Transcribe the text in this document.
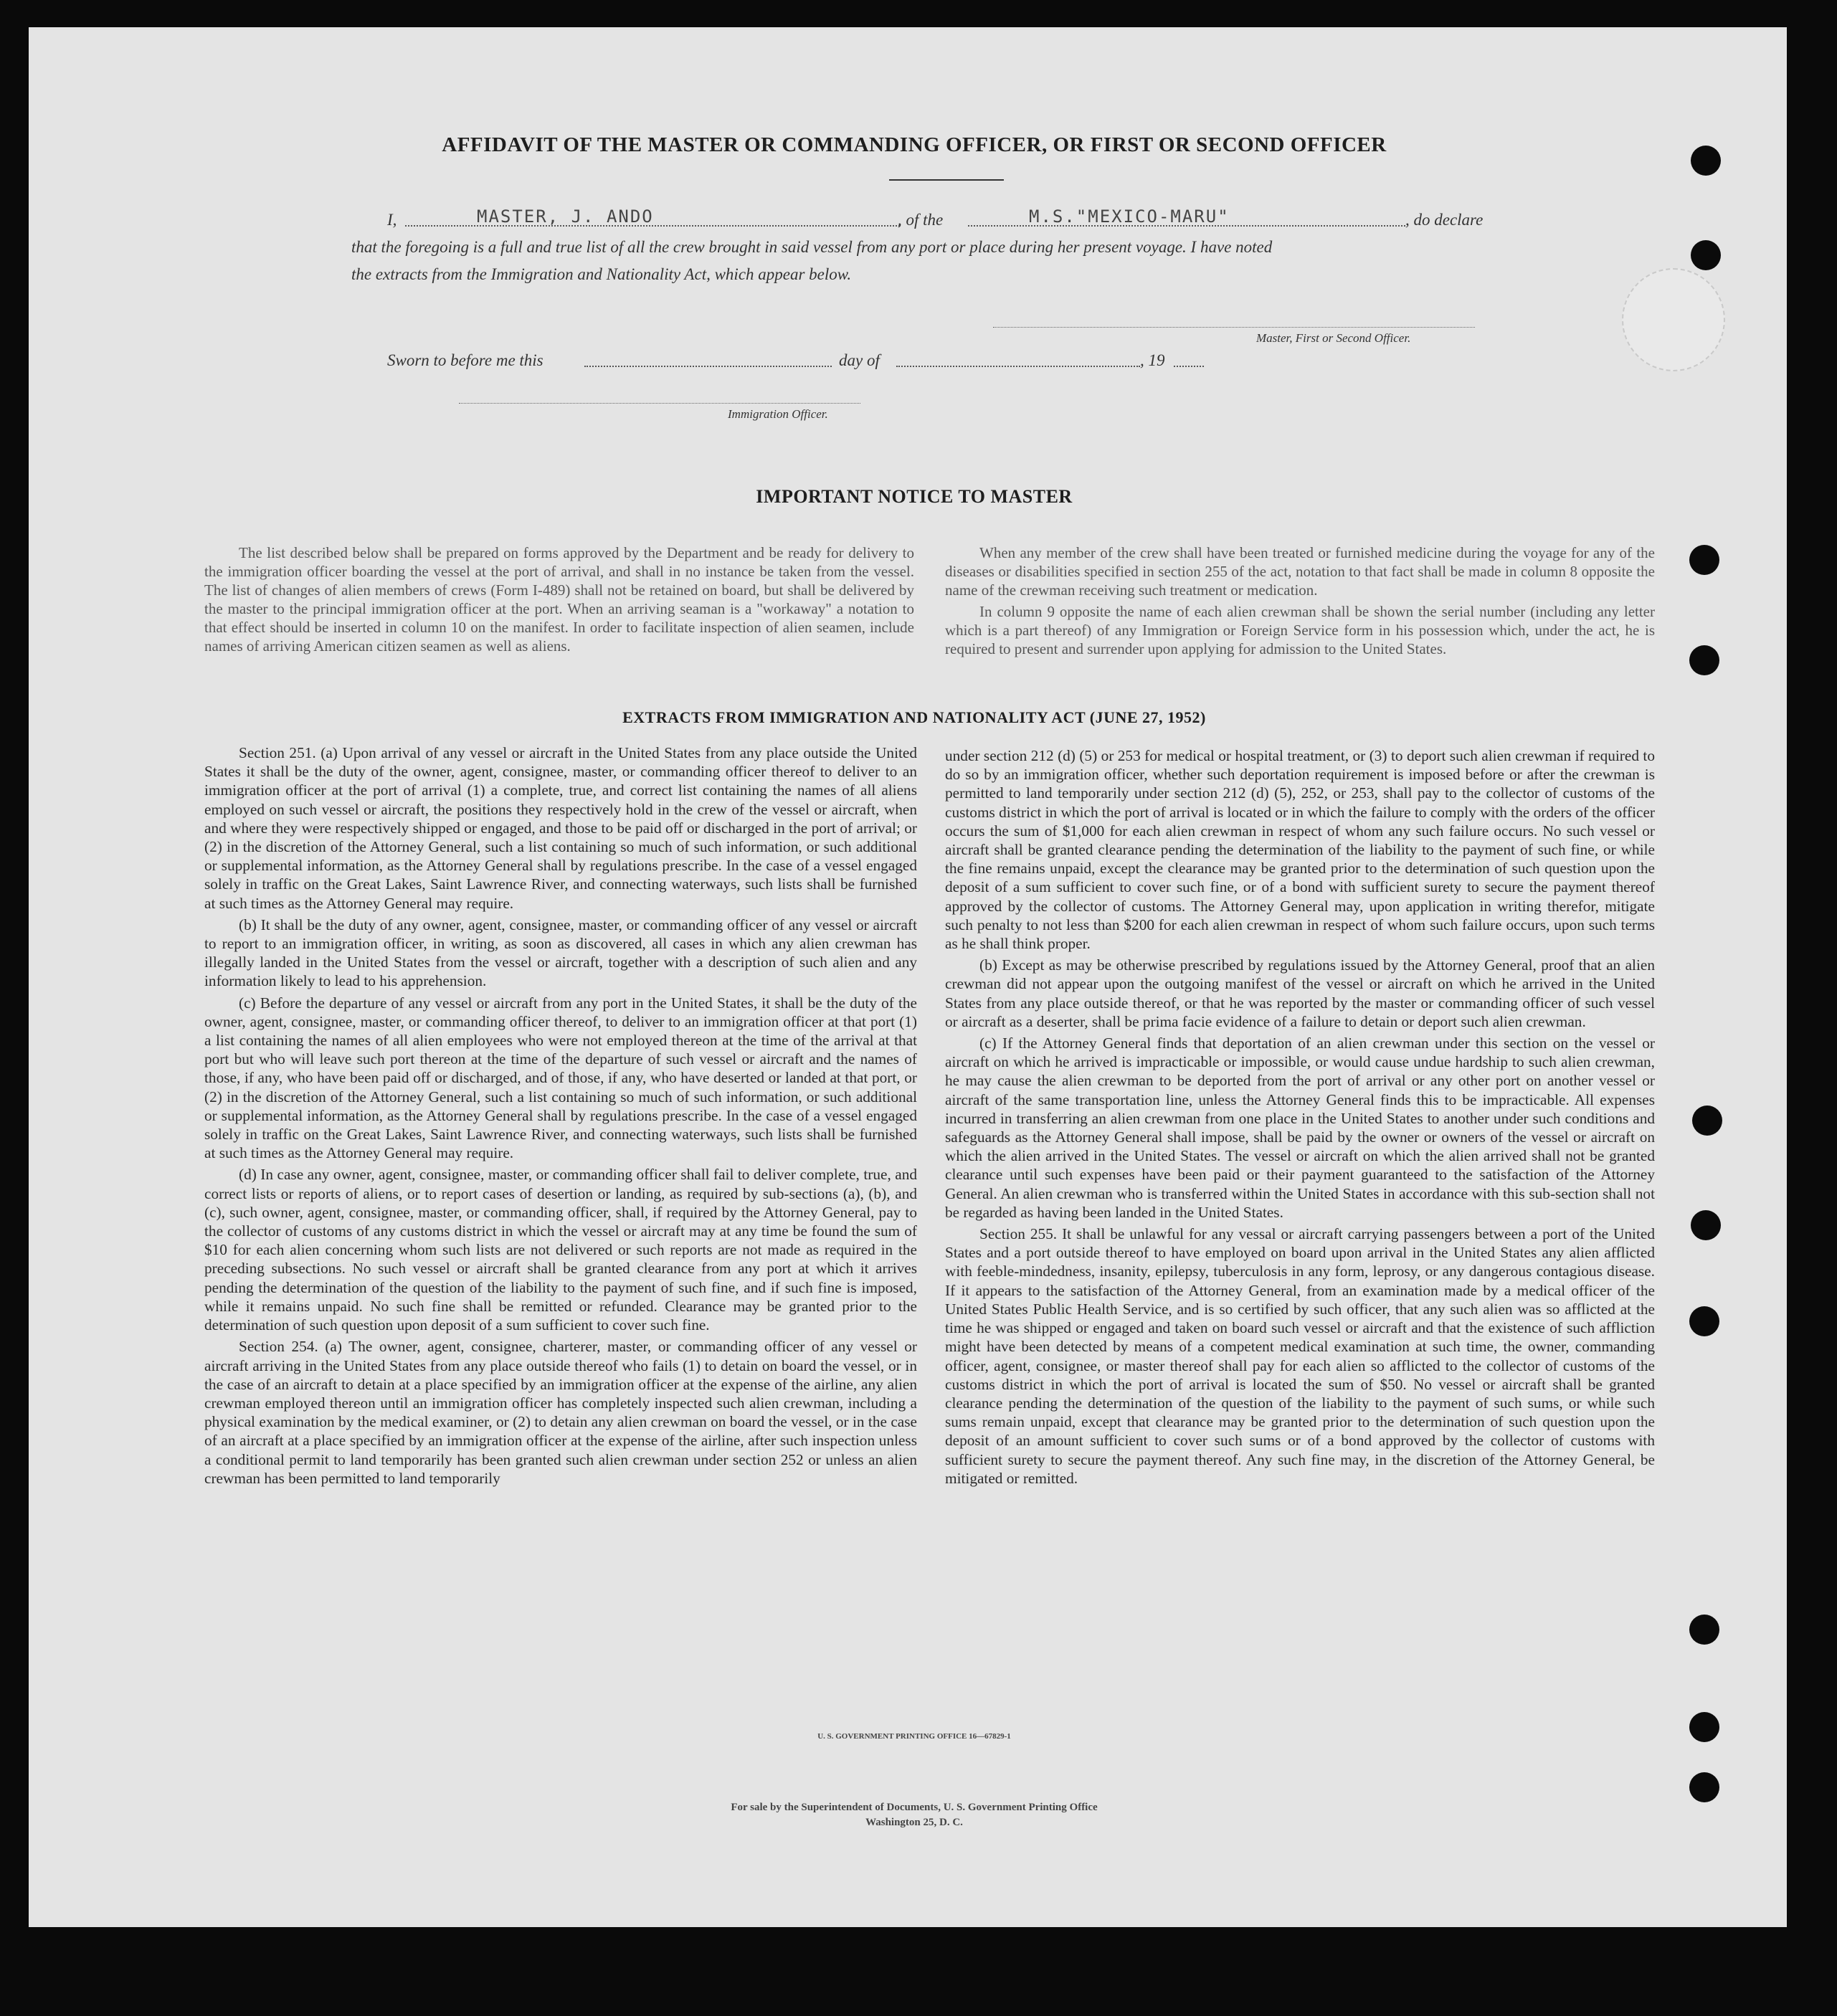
AFFIDAVIT OF THE MASTER OR COMMANDING OFFICER, OR FIRST OR SECOND OFFICER
I,	MASTER, J. ANDO	, of the	M.S."MEXICO-MARU"	, do declare
that the foregoing is a full and true list of all the crew brought in said vessel from any port or place during her present voyage. I have noted
the extracts from the Immigration and Nationality Act, which appear below.
Master, First or Second Officer.
Sworn to before me this	day of	, 19
Immigration Officer.
IMPORTANT NOTICE TO MASTER

The list described below shall be prepared on forms approved by the Department and be ready for delivery to the immigration officer boarding the vessel at the port of arrival, and shall in no instance be taken from the vessel. The list of changes of alien members of crews (Form I-489) shall not be retained on board, but shall be delivered by the master to the principal immigration officer at the port. When an arriving seaman is a "workaway" a notation to that effect should be inserted in column 10 on the manifest. In order to facilitate inspection of alien seamen, include names of arriving American citizen seamen as well as aliens.

When any member of the crew shall have been treated or furnished medicine during the voyage for any of the diseases or disabilities specified in section 255 of the act, notation to that fact shall be made in column 8 opposite the name of the crewman receiving such treatment or medication.

In column 9 opposite the name of each alien crewman shall be shown the serial number (including any letter which is a part thereof) of any Immigration or Foreign Service form in his possession which, under the act, he is required to present and surrender upon applying for admission to the United States.

EXTRACTS FROM IMMIGRATION AND NATIONALITY ACT (JUNE 27, 1952)

Section 251. (a) Upon arrival of any vessel or aircraft in the United States from any place outside the United States it shall be the duty of the owner, agent, consignee, master, or commanding officer thereof to deliver to an immigration officer at the port of arrival (1) a complete, true, and correct list containing the names of all aliens employed on such vessel or aircraft, the positions they respectively hold in the crew of the vessel or aircraft, when and where they were respectively shipped or engaged, and those to be paid off or discharged in the port of arrival; or (2) in the discretion of the Attorney General, such a list containing so much of such information, or such additional or supplemental information, as the Attorney General shall by regulations prescribe. In the case of a vessel engaged solely in traffic on the Great Lakes, Saint Lawrence River, and connecting waterways, such lists shall be furnished at such times as the Attorney General may require.

(b) It shall be the duty of any owner, agent, consignee, master, or commanding officer of any vessel or aircraft to report to an immigration officer, in writing, as soon as discovered, all cases in which any alien crewman has illegally landed in the United States from the vessel or aircraft, together with a description of such alien and any information likely to lead to his apprehension.

(c) Before the departure of any vessel or aircraft from any port in the United States, it shall be the duty of the owner, agent, consignee, master, or commanding officer thereof, to deliver to an immigration officer at that port (1) a list containing the names of all alien employees who were not employed thereon at the time of the arrival at that port but who will leave such port thereon at the time of the departure of such vessel or aircraft and the names of those, if any, who have been paid off or discharged, and of those, if any, who have deserted or landed at that port, or (2) in the discretion of the Attorney General, such a list containing so much of such information, or such additional or supplemental information, as the Attorney General shall by regulations prescribe. In the case of a vessel engaged solely in traffic on the Great Lakes, Saint Lawrence River, and connecting waterways, such lists shall be furnished at such times as the Attorney General may require.

(d) In case any owner, agent, consignee, master, or commanding officer shall fail to deliver complete, true, and correct lists or reports of aliens, or to report cases of desertion or landing, as required by sub-sections (a), (b), and (c), such owner, agent, consignee, master, or commanding officer, shall, if required by the Attorney General, pay to the collector of customs of any customs district in which the vessel or aircraft may at any time be found the sum of $10 for each alien concerning whom such lists are not delivered or such reports are not made as required in the preceding subsections. No such vessel or aircraft shall be granted clearance from any port at which it arrives pending the determination of the question of the liability to the payment of such fine, and if such fine is imposed, while it remains unpaid. No such fine shall be remitted or refunded. Clearance may be granted prior to the determination of such question upon deposit of a sum sufficient to cover such fine.

Section 254. (a) The owner, agent, consignee, charterer, master, or commanding officer of any vessel or aircraft arriving in the United States from any place outside thereof who fails (1) to detain on board the vessel, or in the case of an aircraft to detain at a place specified by an immigration officer at the expense of the airline, any alien crewman employed thereon until an immigration officer has completely inspected such alien crewman, including a physical examination by the medical examiner, or (2) to detain any alien crewman on board the vessel, or in the case of an aircraft at a place specified by an immigration officer at the expense of the airline, after such inspection unless a conditional permit to land temporarily has been granted such alien crewman under section 252 or unless an alien crewman has been permitted to land temporarily

under section 212 (d) (5) or 253 for medical or hospital treatment, or (3) to deport such alien crewman if required to do so by an immigration officer, whether such deportation requirement is imposed before or after the crewman is permitted to land temporarily under section 212 (d) (5), 252, or 253, shall pay to the collector of customs of the customs district in which the port of arrival is located or in which the failure to comply with the orders of the officer occurs the sum of $1,000 for each alien crewman in respect of whom any such failure occurs. No such vessel or aircraft shall be granted clearance pending the determination of the liability to the payment of such fine, or while the fine remains unpaid, except the clearance may be granted prior to the determination of such question upon the deposit of a sum sufficient to cover such fine, or of a bond with sufficient surety to secure the payment thereof approved by the collector of customs. The Attorney General may, upon application in writing therefor, mitigate such penalty to not less than $200 for each alien crewman in respect of whom such failure occurs, upon such terms as he shall think proper.

(b) Except as may be otherwise prescribed by regulations issued by the Attorney General, proof that an alien crewman did not appear upon the outgoing manifest of the vessel or aircraft on which he arrived in the United States from any place outside thereof, or that he was reported by the master or commanding officer of such vessel or aircraft as a deserter, shall be prima facie evidence of a failure to detain or deport such alien crewman.

(c) If the Attorney General finds that deportation of an alien crewman under this section on the vessel or aircraft on which he arrived is impracticable or impossible, or would cause undue hardship to such alien crewman, he may cause the alien crewman to be deported from the port of arrival or any other port on another vessel or aircraft of the same transportation line, unless the Attorney General finds this to be impracticable. All expenses incurred in transferring an alien crewman from one place in the United States to another under such conditions and safeguards as the Attorney General shall impose, shall be paid by the owner or owners of the vessel or aircraft on which the alien arrived in the United States. The vessel or aircraft on which the alien arrived shall not be granted clearance until such expenses have been paid or their payment guaranteed to the satisfaction of the Attorney General. An alien crewman who is transferred within the United States in accordance with this sub-section shall not be regarded as having been landed in the United States.

Section 255. It shall be unlawful for any vessal or aircraft carrying passengers between a port of the United States and a port outside thereof to have employed on board upon arrival in the United States any alien afflicted with feeble-mindedness, insanity, epilepsy, tuberculosis in any form, leprosy, or any dangerous contagious disease. If it appears to the satisfaction of the Attorney General, from an examination made by a medical officer of the United States Public Health Service, and is so certified by such officer, that any such alien was so afflicted at the time he was shipped or engaged and taken on board such vessel or aircraft and that the existence of such affliction might have been detected by means of a competent medical examination at such time, the owner, commanding officer, agent, consignee, or master thereof shall pay for each alien so afflicted to the collector of customs of the customs district in which the port of arrival is located the sum of $50. No vessel or aircraft shall be granted clearance pending the determination of the question of the liability to the payment of such sums, or while such sums remain unpaid, except that clearance may be granted prior to the determination of such question upon the deposit of an amount sufficient to cover such sums or of a bond approved by the collector of customs with sufficient surety to secure the payment thereof. Any such fine may, in the discretion of the Attorney General, be mitigated or remitted.

U. S. GOVERNMENT PRINTING OFFICE 16—67829-1
For sale by the Superintendent of Documents, U. S. Government Printing Office
Washington 25, D. C.
